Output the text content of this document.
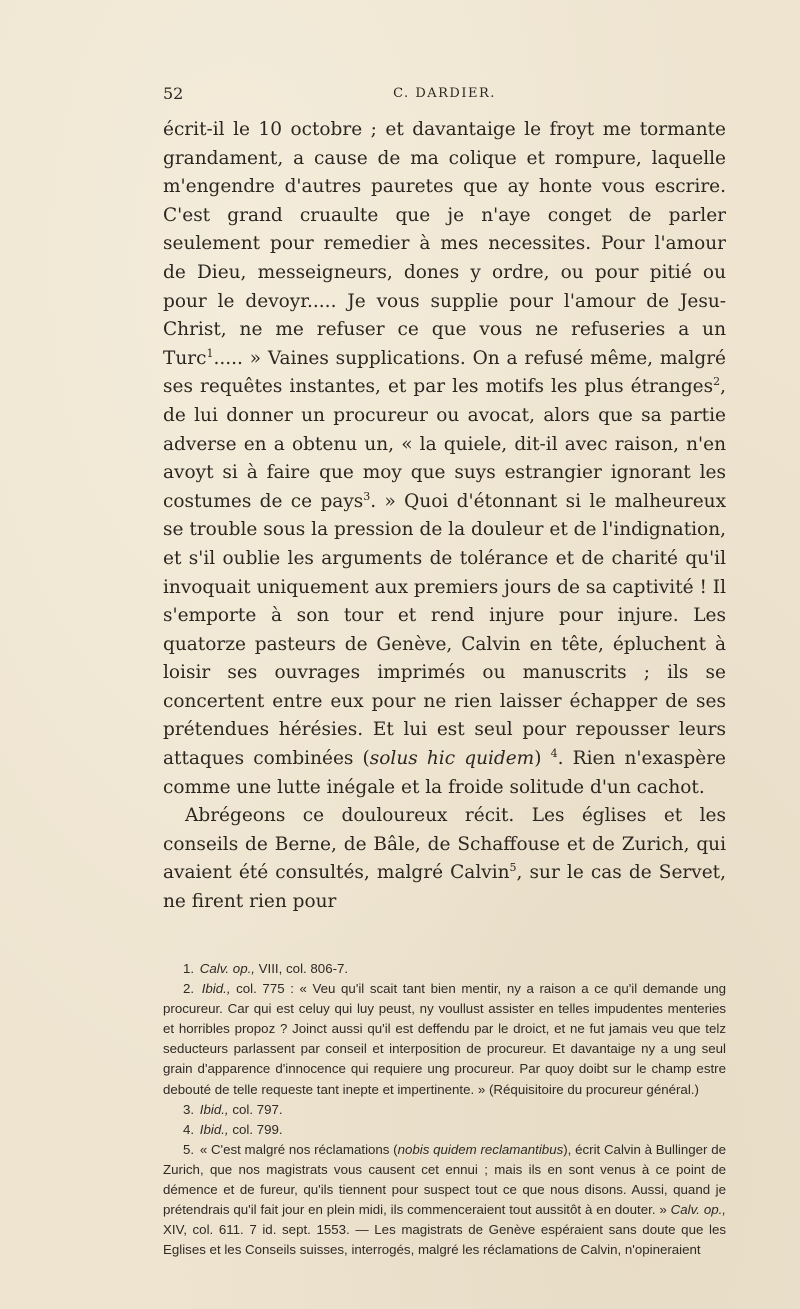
52	C. DARDIER.

écrit-il le 10 octobre ; et davantaige le froyt me tormante grandament, a cause de ma colique et rompure, laquelle m'engendre d'autres pauretes que ay honte vous escrire. C'est grand cruaulte que je n'aye conget de parler seulement pour remedier à mes necessites. Pour l'amour de Dieu, messeigneurs, dones y ordre, ou pour pitié ou pour le devoyr..... Je vous supplie pour l'amour de Jesu-Christ, ne me refuser ce que vous ne refuseries a un Turc$^1$..... » Vaines supplications. On a refusé même, malgré ses requêtes instantes, et par les motifs les plus étranges$^2$, de lui donner un procureur ou avocat, alors que sa partie adverse en a obtenu un, « la quiele, dit-il avec raison, n'en avoyt si à faire que moy que suys estrangier ignorant les costumes de ce pays$^3$. » Quoi d'étonnant si le malheureux se trouble sous la pression de la douleur et de l'indignation, et s'il oublie les arguments de tolérance et de charité qu'il invoquait uniquement aux premiers jours de sa captivité ! Il s'emporte à son tour et rend injure pour injure. Les quatorze pasteurs de Genève, Calvin en tête, épluchent à loisir ses ouvrages imprimés ou manuscrits ; ils se concertent entre eux pour ne rien laisser échapper de ses prétendues hérésies. Et lui est seul pour repousser leurs attaques combinées (solus hic quidem) $^4$. Rien n'exaspère comme une lutte inégale et la froide solitude d'un cachot.

Abrégeons ce douloureux récit. Les églises et les conseils de Berne, de Bâle, de Schaffouse et de Zurich, qui avaient été consultés, malgré Calvin$^5$, sur le cas de Servet, ne firent rien pour

1. Calv. op., VIII, col. 806-7.

2. Ibid., col. 775 : « Veu qu'il scait tant bien mentir, ny a raison a ce qu'il demande ung procureur. Car qui est celuy qui luy peust, ny voullust assister en telles impudentes menteries et horribles propoz ? Joinct aussi qu'il est deffendu par le droict, et ne fut jamais veu que telz seducteurs parlassent par conseil et interposition de procureur. Et davantaige ny a ung seul grain d'apparence d'innocence qui requiere ung procureur. Par quoy doibt sur le champ estre debouté de telle requeste tant inepte et impertinente. » (Réquisitoire du procureur général.)

3. Ibid., col. 797.

4. Ibid., col. 799.

5. « C'est malgré nos réclamations (nobis quidem reclamantibus), écrit Calvin à Bullinger de Zurich, que nos magistrats vous causent cet ennui ; mais ils en sont venus à ce point de démence et de fureur, qu'ils tiennent pour suspect tout ce que nous disons. Aussi, quand je prétendrais qu'il fait jour en plein midi, ils commenceraient tout aussitôt à en douter. » Calv. op., XIV, col. 611. 7 id. sept. 1553. — Les magistrats de Genève espéraient sans doute que les Eglises et les Conseils suisses, interrogés, malgré les réclamations de Calvin, n'opineraient
